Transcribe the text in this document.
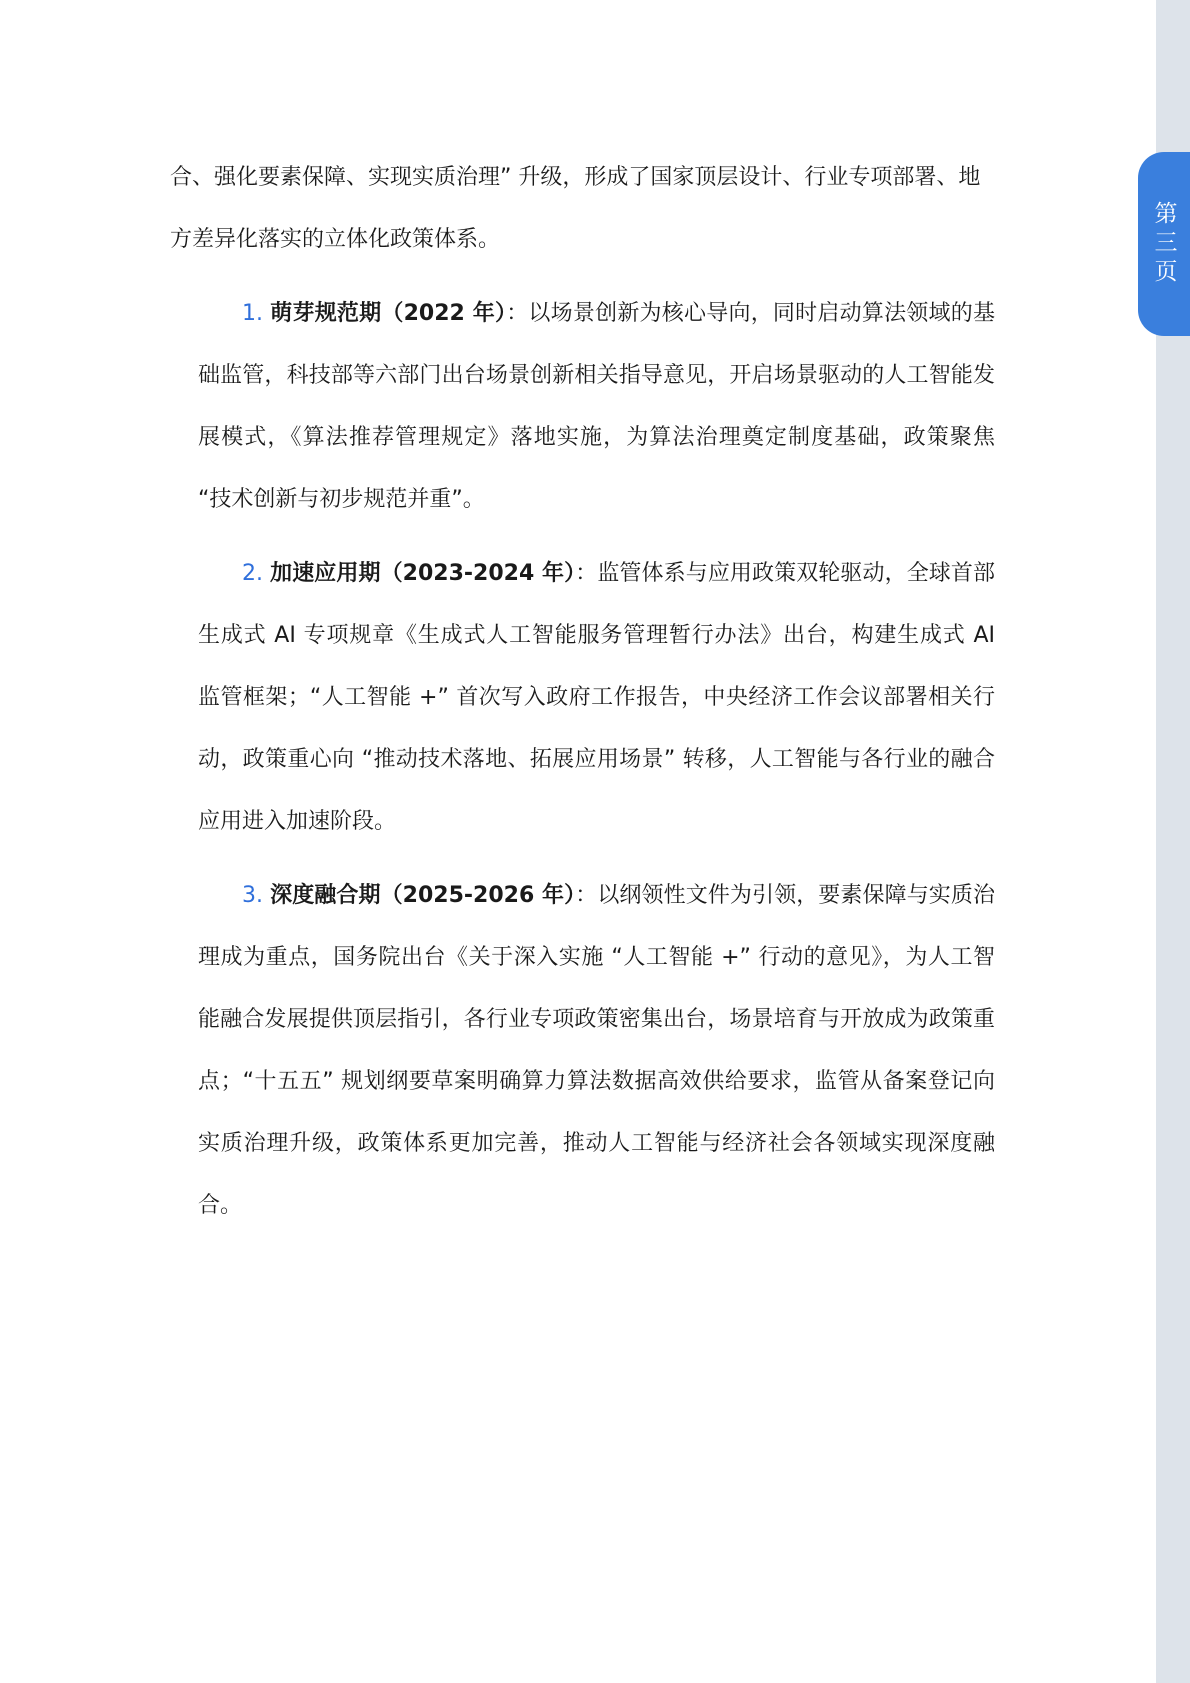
合、强化要素保障、实现实质治理” 升级，形成了国家顶层设计、行业专项部署、地方差异化落实的立体化政策体系。

1. 萌芽规范期（2022 年）：以场景创新为核心导向，同时启动算法领域的基础监管，科技部等六部门出台场景创新相关指导意见，开启场景驱动的人工智能发展模式，《算法推荐管理规定》落地实施，为算法治理奠定制度基础，政策聚焦 “技术创新与初步规范并重”。

2. 加速应用期（2023-2024 年）：监管体系与应用政策双轮驱动，全球首部生成式 AI 专项规章《生成式人工智能服务管理暂行办法》出台，构建生成式 AI 监管框架；“人工智能 +” 首次写入政府工作报告，中央经济工作会议部署相关行动，政策重心向 “推动技术落地、拓展应用场景” 转移，人工智能与各行业的融合应用进入加速阶段。

3. 深度融合期（2025-2026 年）：以纲领性文件为引领，要素保障与实质治理成为重点，国务院出台《关于深入实施 “人工智能 +” 行动的意见》，为人工智能融合发展提供顶层指引，各行业专项政策密集出台，场景培育与开放成为政策重点；“十五五” 规划纲要草案明确算力算法数据高效供给要求，监管从备案登记向实质治理升级，政策体系更加完善，推动人工智能与经济社会各领域实现深度融合。

第三页
